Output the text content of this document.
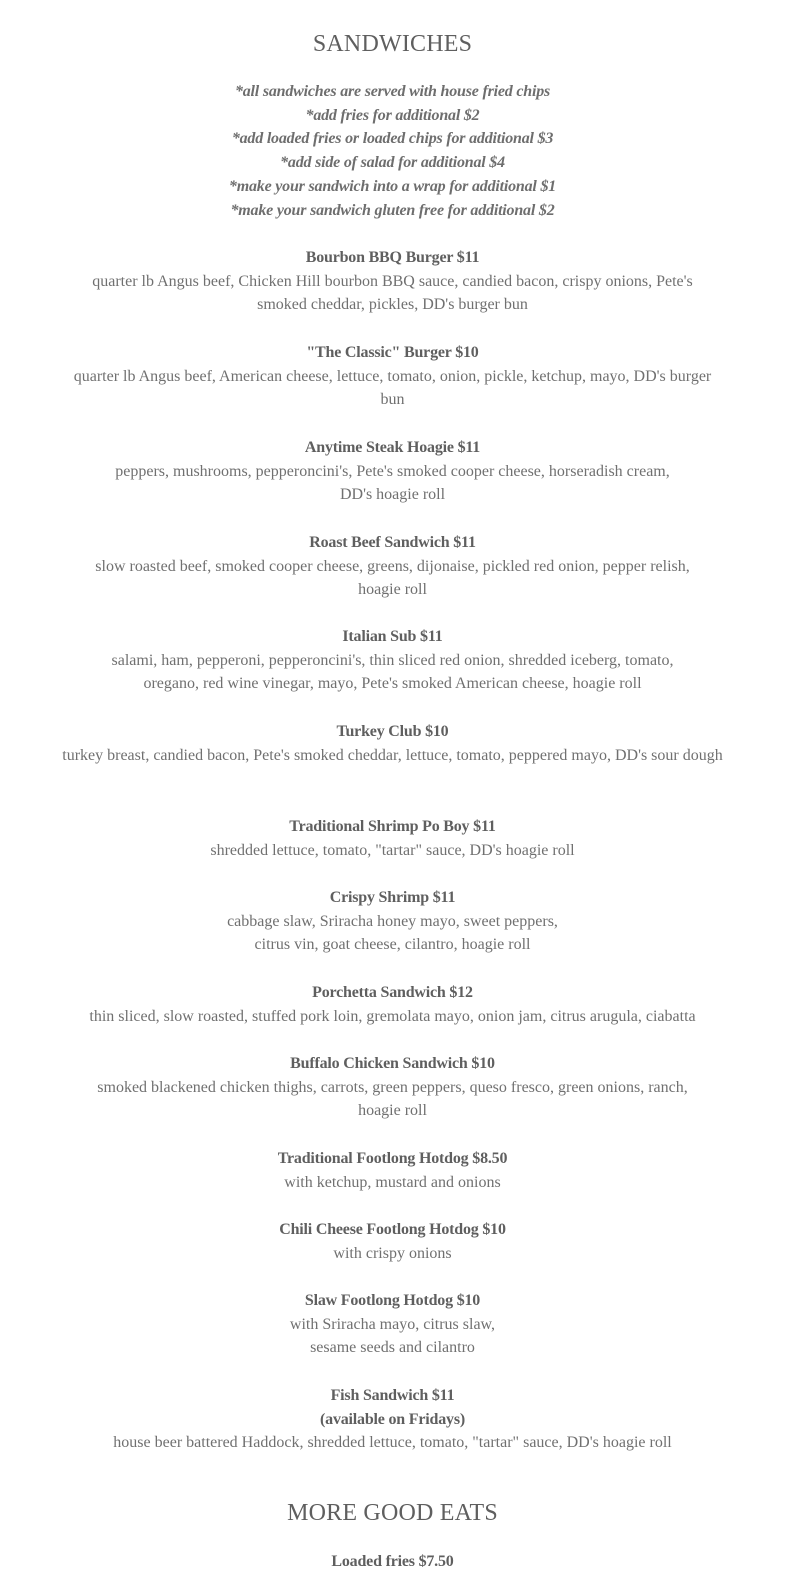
SANDWICHES
*all sandwiches are served with house fried chips
*add fries for additional $2
*add loaded fries or loaded chips for additional $3
*add side of salad for additional $4
*make your sandwich into a wrap for additional $1
*make your sandwich gluten free for additional $2
Bourbon BBQ Burger $11
quarter lb Angus beef, Chicken Hill bourbon BBQ sauce, candied bacon, crispy onions, Pete's smoked cheddar, pickles, DD's burger bun
"The Classic" Burger $10
quarter lb Angus beef, American cheese, lettuce, tomato, onion, pickle, ketchup, mayo, DD's burger bun
Anytime Steak Hoagie $11
peppers, mushrooms, pepperoncini's, Pete's smoked cooper cheese, horseradish cream, DD's hoagie roll
Roast Beef Sandwich $11
slow roasted beef, smoked cooper cheese, greens, dijonaise, pickled red onion, pepper relish, hoagie roll
Italian Sub $11
salami, ham, pepperoni, pepperoncini's, thin sliced red onion, shredded iceberg, tomato, oregano, red wine vinegar, mayo, Pete's smoked American cheese, hoagie roll
Turkey Club $10
turkey breast, candied bacon, Pete's smoked cheddar, lettuce, tomato, peppered mayo, DD's sour dough
Traditional Shrimp Po Boy $11
shredded lettuce, tomato, "tartar" sauce, DD's hoagie roll
Crispy Shrimp $11
cabbage slaw, Sriracha honey mayo, sweet peppers, citrus vin, goat cheese, cilantro, hoagie roll
Porchetta Sandwich $12
thin sliced, slow roasted, stuffed pork loin, gremolata mayo, onion jam, citrus arugula, ciabatta
Buffalo Chicken Sandwich $10
smoked blackened chicken thighs, carrots, green peppers, queso fresco, green onions, ranch, hoagie roll
Traditional Footlong Hotdog $8.50
with ketchup, mustard and onions
Chili Cheese Footlong Hotdog $10
with crispy onions
Slaw Footlong Hotdog $10
with Sriracha mayo, citrus slaw, sesame seeds and cilantro
Fish Sandwich $11
(available on Fridays)
house beer battered Haddock, shredded lettuce, tomato, "tartar" sauce, DD's hoagie roll
MORE GOOD EATS
Loaded fries $7.50
